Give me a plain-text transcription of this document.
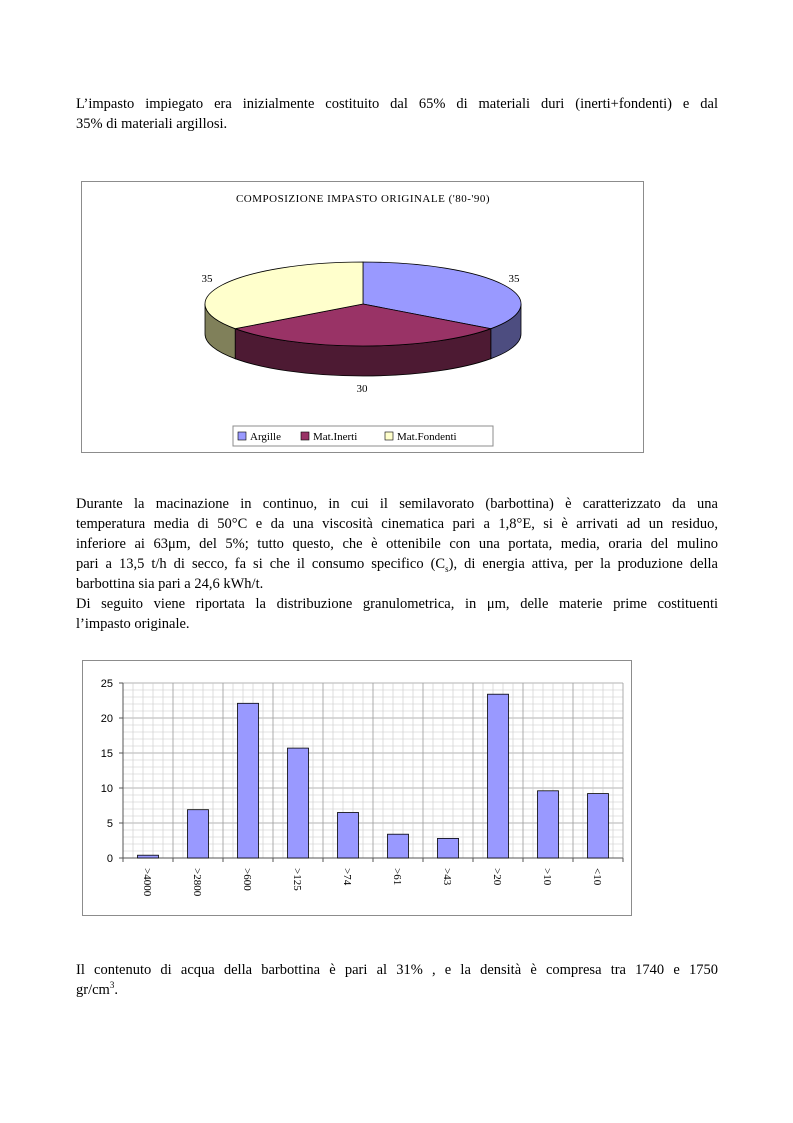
L’impasto impiegato era inizialmente costituito dal 65% di materiali duri (inerti+fondenti) e dal
35% di materiali argillosi.

COMPOSIZIONE IMPASTO ORIGINALE ('80-'90)
35
30
35
Argille	Mat.Inerti	Mat.Fondenti

Durante la macinazione in continuo, in cui il semilavorato (barbottina) è caratterizzato da una
temperatura media di 50°C e da una viscosità cinematica pari a 1,8°E, si è arrivati ad un residuo,
inferiore ai 63μm, del 5%; tutto questo, che è ottenibile con una portata, media, oraria del mulino
pari a 13,5 t/h di secco, fa si che il consumo specifico $(C_s)$, di energia attiva, per la produzione della
barbottina sia pari a 24,6 kWh/t.

Di seguito viene riportata la distribuzione granulometrica, in μm, delle materie prime costituenti
l’impasto originale.

0
5
10
15
20
25
>4000	>2800	>600	>125	>74	>61	>43	>20	>10	<10

Il contenuto di acqua della barbottina è pari al 31% , e la densità è compresa tra 1740 e 1750
$gr/cm^3$.
